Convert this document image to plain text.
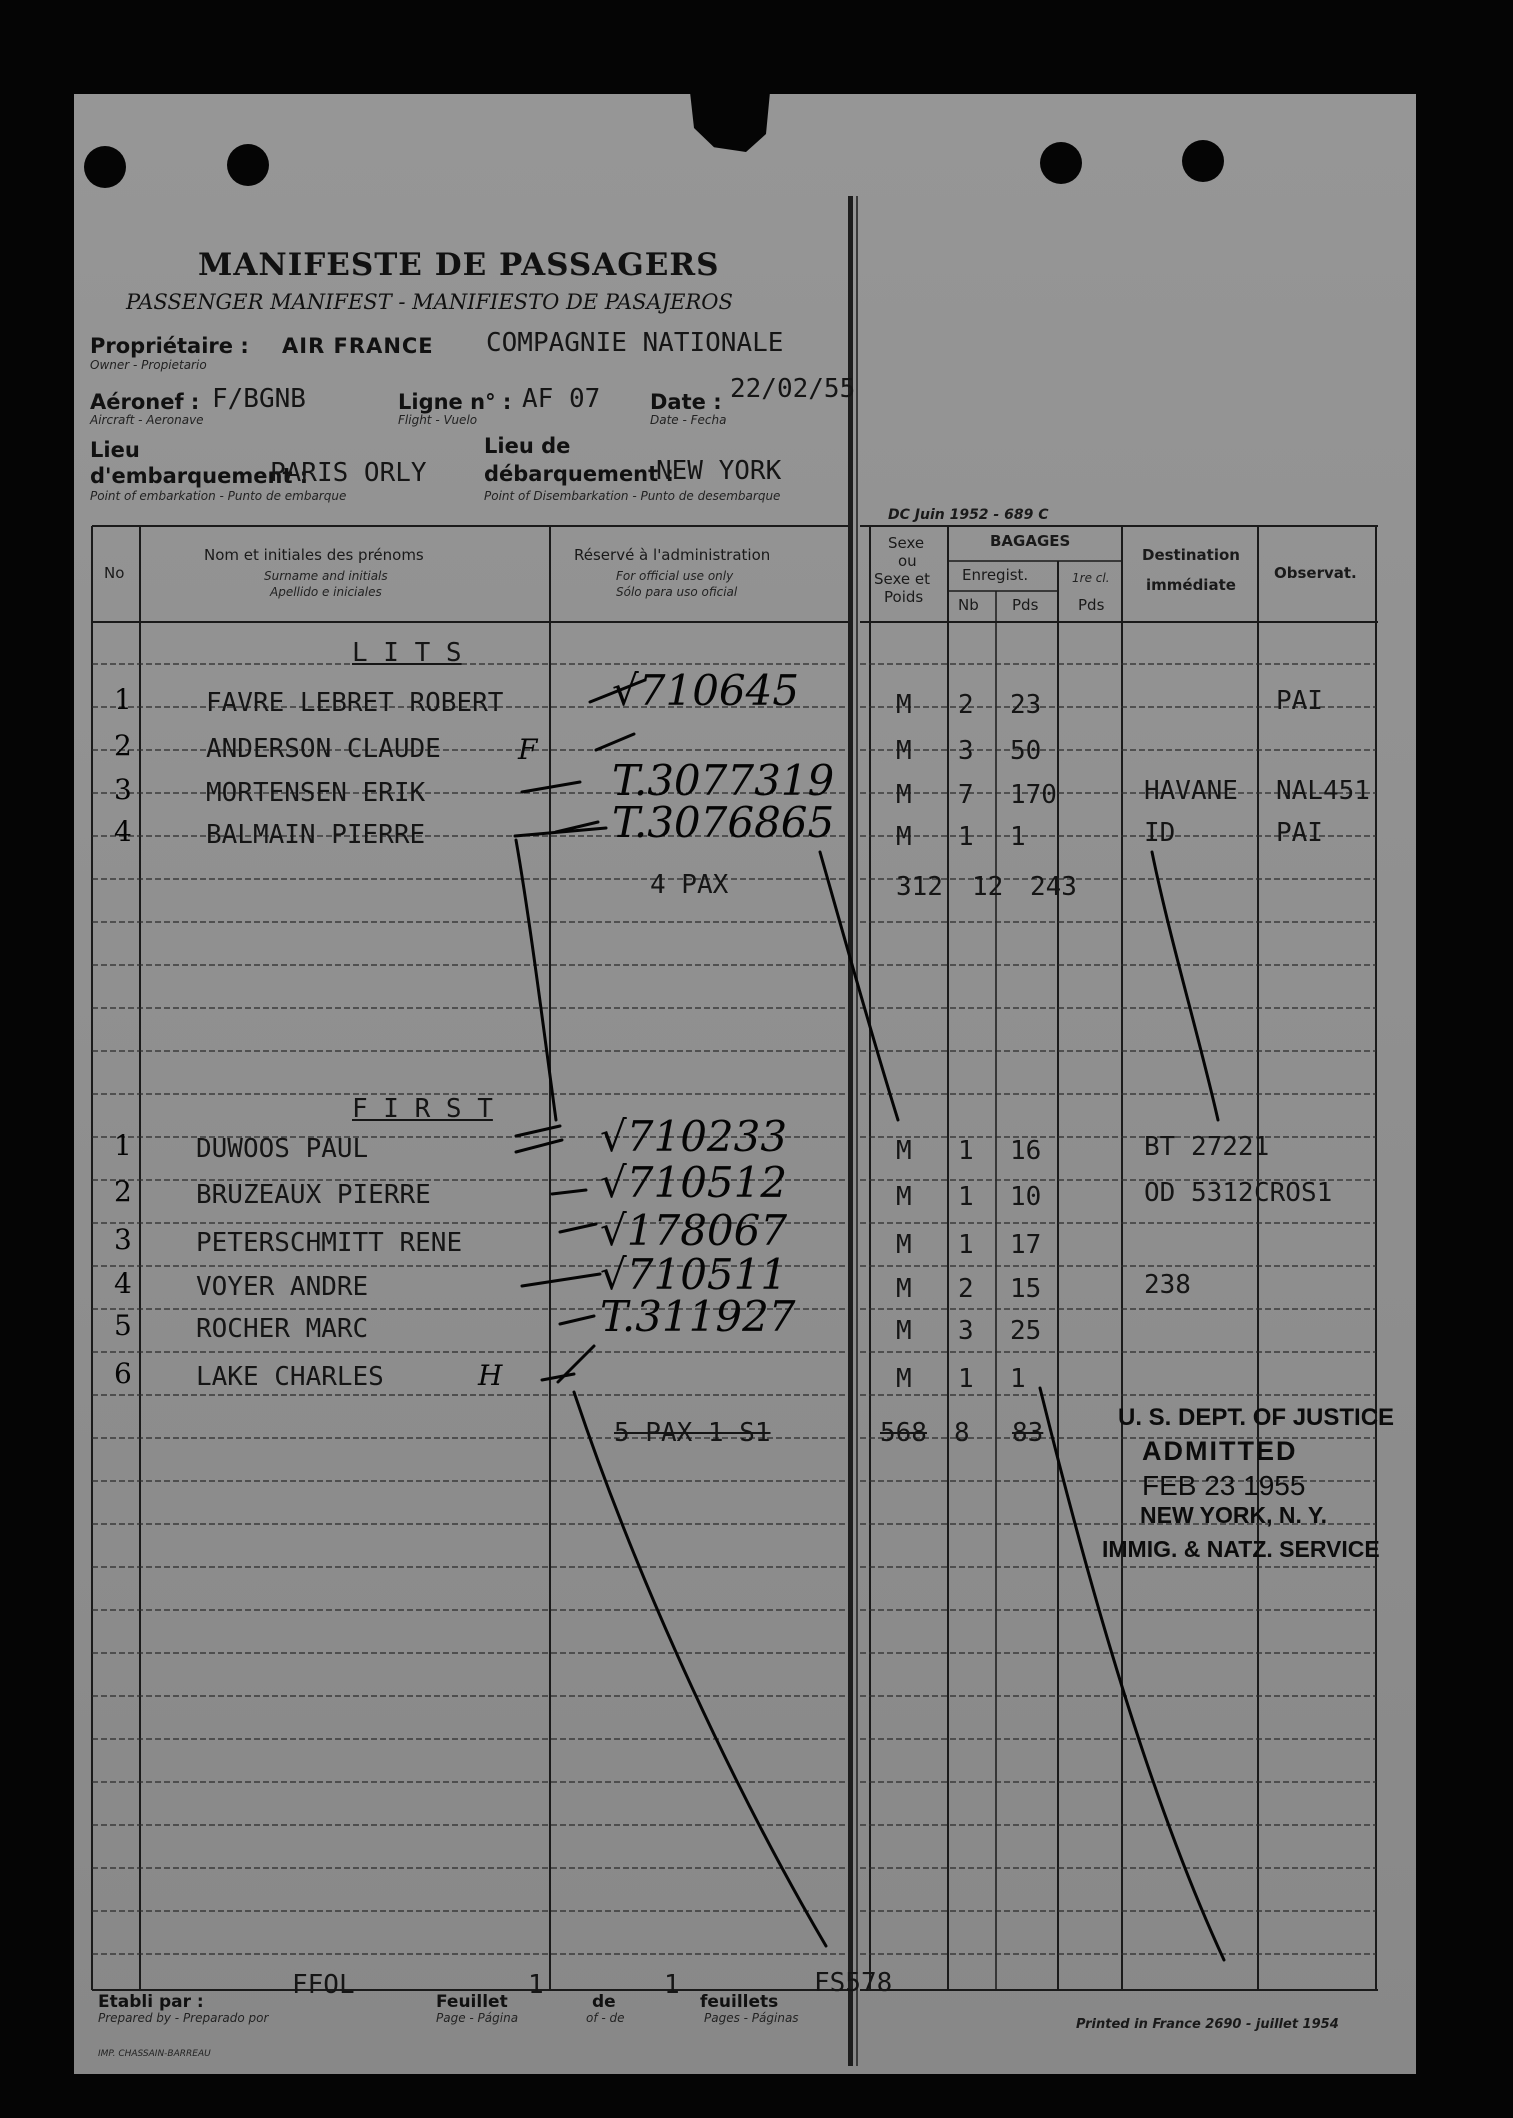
MANIFESTE DE PASSAGERS
PASSENGER MANIFEST - MANIFIESTO DE PASAJEROS
Propriétaire :
Owner - Propietario
AIR FRANCE COMPAGNIE NATIONALE
Aéronef :
Aircraft - Aeronave
F/BGNB	Ligne n° :
Flight - Vuelo
AF 07 Date :
Date - Fecha
22/02/55
Lieu
d'embarquement :
Point of embarkation - Punto de embarque
PARIS ORLY
Lieu de
débarquement :
Point of Disembarkation - Punto de desembarque
NEW YORK
DC Juin 1952 - 689 C
No
Nom et initiales des prénoms
Surname and initials
Apellido e iniciales
Réservé à l'administration
For official use only
Sólo para uso oficial
Sexe
ou
Sexe et
Poids
BAGAGES
Enregist.
Nb Pds
1re cl.
Pds
Destination
immédiate
Observat.
L I T S
F I R S T
1	FAVRE LEBRET ROBERT	√710645	M 2 23	PAI
2	ANDERSON CLAUDE	M 3 50
3	MORTENSEN ERIK	T.3077319 M 7 170	HAVANE NAL451
4	BALMAIN PIERRE	T.3076865 M 1 1	ID	PAI
1 DUWOOS PAUL	√710233	M 1 16	BT 27221
2 BRUZEAUX PIERRE	√710512	M 1 10	OD 5312 CROS1
3 PETERSCHMITT RENE	√178067	M 1 17
4 VOYER ANDRE	√710511	M 2 15	238
5 ROCHER MARC	T.311927	M 3 25
6 LAKE CHARLES	M 1 1
4 PAX	312 12 243
5 PAX 1 S1	568 8 83
F
H
U. S. DEPT. OF JUSTICE
ADMITTED
FEB 23 1955
NEW YORK, N. Y.
IMMIG. & NATZ. SERVICE
Etabli par :
Prepared by - Preparado por
FFOL
Feuillet
Page - Página
1
de
of - de
1
feuillets
Pages - Páginas
FS578
IMP. CHASSAIN-BARREAU
Printed in France 2690 - juillet 1954
